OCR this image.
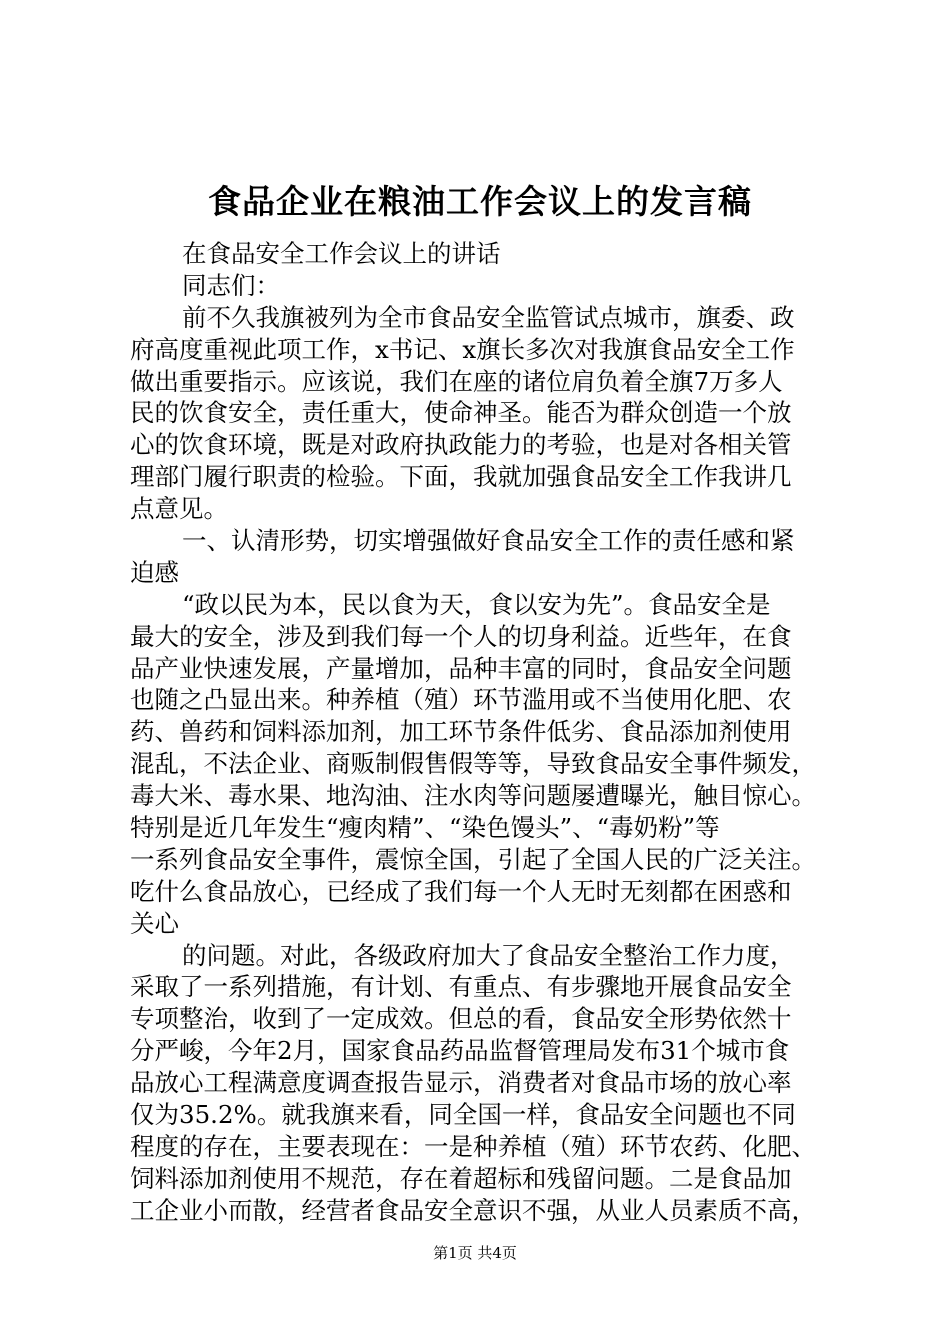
食品企业在粮油工作会议上的发言稿
在食品安全工作会议上的讲话
同志们：
前不久我旗被列为全市食品安全监管试点城市，旗委、政
府高度重视此项工作，x书记、x旗长多次对我旗食品安全工作
做出重要指示。应该说，我们在座的诸位肩负着全旗7万多人
民的饮食安全，责任重大，使命神圣。能否为群众创造一个放
心的饮食环境，既是对政府执政能力的考验，也是对各相关管
理部门履行职责的检验。下面，我就加强食品安全工作我讲几
点意见。
一、认清形势，切实增强做好食品安全工作的责任感和紧
迫感
“政以民为本，民以食为天，食以安为先”。食品安全是
最大的安全，涉及到我们每一个人的切身利益。近些年，在食
品产业快速发展，产量增加，品种丰富的同时，食品安全问题
也随之凸显出来。种养植（殖）环节滥用或不当使用化肥、农
药、兽药和饲料添加剂，加工环节条件低劣、食品添加剂使用
混乱，不法企业、商贩制假售假等等，导致食品安全事件频发，
毒大米、毒水果、地沟油、注水肉等问题屡遭曝光，触目惊心。
特别是近几年发生“瘦肉精”、“染色馒头”、“毒奶粉”等
一系列食品安全事件，震惊全国，引起了全国人民的广泛关注。
吃什么食品放心，已经成了我们每一个人无时无刻都在困惑和
关心
的问题。对此，各级政府加大了食品安全整治工作力度，
采取了一系列措施，有计划、有重点、有步骤地开展食品安全
专项整治，收到了一定成效。但总的看，食品安全形势依然十
分严峻，今年2月，国家食品药品监督管理局发布31个城市食
品放心工程满意度调查报告显示，消费者对食品市场的放心率
仅为35.2%。就我旗来看，同全国一样，食品安全问题也不同
程度的存在，主要表现在：一是种养植（殖）环节农药、化肥、
饲料添加剂使用不规范，存在着超标和残留问题。二是食品加
工企业小而散，经营者食品安全意识不强，从业人员素质不高，
第1页 共4页
